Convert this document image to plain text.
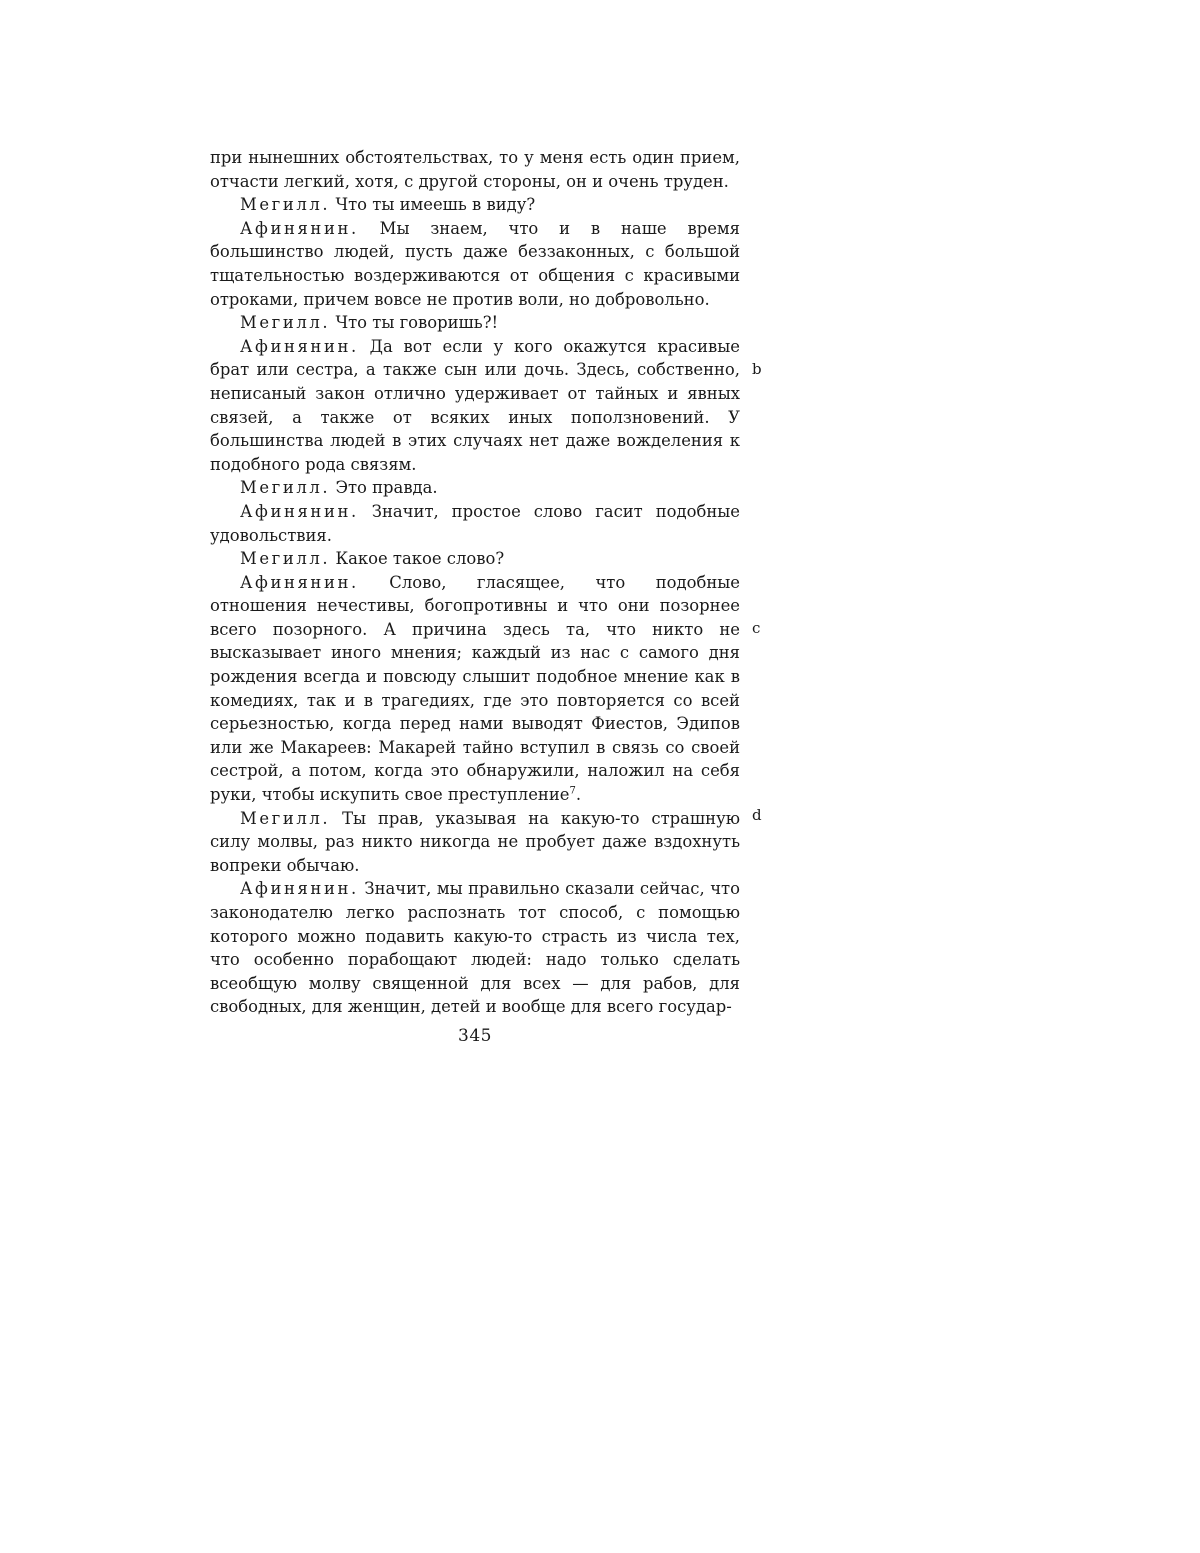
при нынешних обстоятельствах, то у меня есть один прием, отчасти легкий, хотя, с другой стороны, он и очень труден.

Мегилл. Что ты имеешь в виду?

Афинянин. Мы знаем, что и в наше время большинство людей, пусть даже беззаконных, с большой тщательностью воздерживаются от общения с красивыми отроками, причем вовсе не против воли, но добровольно.

Мегилл. Что ты говоришь?!

Афинянин. Да вот если у кого окажутся красивые брат или сестра, а также сын или дочь. Здесь, собственно, неписаный закон отлично удерживает от тайных и явных связей, а также от всяких иных поползновений. У большинства людей в этих случаях нет даже вожделения к подобного рода связям.

Мегилл. Это правда.

Афинянин. Значит, простое слово гасит подобные удовольствия.

Мегилл. Какое такое слово?

Афинянин. Слово, гласящее, что подобные отношения нечестивы, богопротивны и что они позорнее всего позорного. А причина здесь та, что никто не высказывает иного мнения; каждый из нас с самого дня рождения всегда и повсюду слышит подобное мнение как в комедиях, так и в трагедиях, где это повторяется со всей серьезностью, когда перед нами выводят Фиестов, Эдипов или же Макареев: Макарей тайно вступил в связь со своей сестрой, а потом, когда это обнаружили, наложил на себя руки, чтобы искупить свое преступление$^7$.

Мегилл. Ты прав, указывая на какую-то страшную силу молвы, раз никто никогда не пробует даже вздохнуть вопреки обычаю.

Афинянин. Значит, мы правильно сказали сейчас, что законодателю легко распознать тот способ, с помощью которого можно подавить какую-то страсть из числа тех, что особенно порабощают людей: надо только сделать всеобщую молву священной для всех — для рабов, для свободных, для женщин, детей и вообще для всего государ-

345
b
c
d
